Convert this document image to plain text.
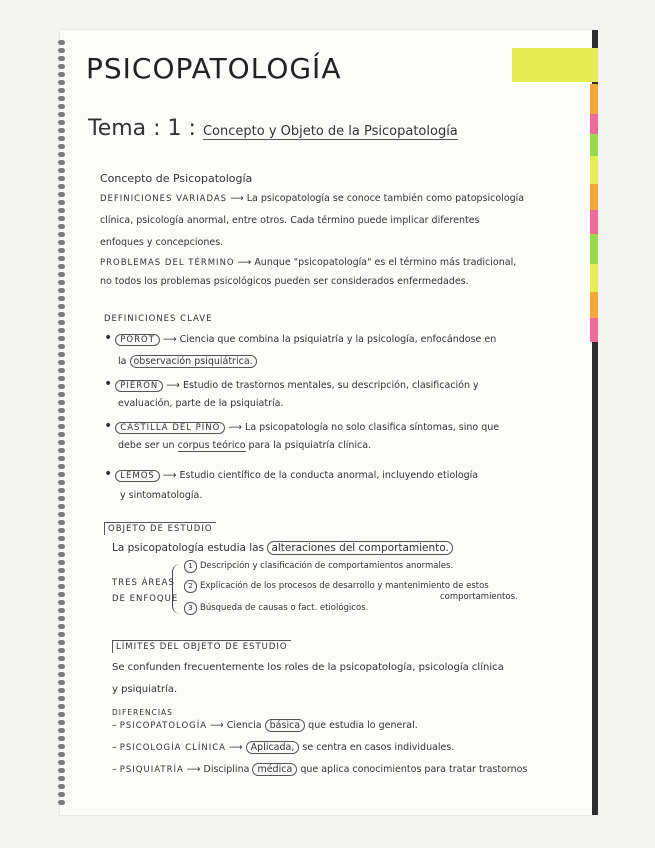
PSICOPATOLOGÍA
Tema : 1 : Concepto y Objeto de la Psicopatología
Concepto de Psicopatología
DEFINICIONES VARIADAS ⟶ La psicopatología se conoce también como patopsicología
clínica, psicología anormal, entre otros. Cada término puede implicar diferentes
enfoques y concepciones.
PROBLEMAS DEL TÉRMINO ⟶ Aunque "psicopatología" es el término más tradicional,
no todos los problemas psicológicos pueden ser considerados enfermedades.
DEFINICIONES CLAVE
• POROT ⟶ Ciencia que combina la psiquiatría y la psicología, enfocándose en
la observación psiquiátrica.
• PIERON ⟶ Estudio de trastornos mentales, su descripción, clasificación y
evaluación, parte de la psiquiatría.
• CASTILLA DEL PINO ⟶ La psicopatología no solo clasifica síntomas, sino que
debe ser un corpus teórico para la psiquiatría clínica.
• LEMOS ⟶ Estudio científico de la conducta anormal, incluyendo etiología
y sintomatología.
OBJETO DE ESTUDIO
La psicopatología estudia las alteraciones del comportamiento.
TRES ÁREAS
DE ENFOQUE
1 Descripción y clasificación de comportamientos anormales.
2 Explicación de los procesos de desarrollo y mantenimiento de estos
comportamientos.
3 Búsqueda de causas o fact. etiológicos.
LÍMITES DEL OBJETO DE ESTUDIO
Se confunden frecuentemente los roles de la psicopatología, psicología clínica
y psiquiatría.
DIFERENCIAS
– PSICOPATOLOGÍA ⟶ Ciencia básica que estudia lo general.
– PSICOLOGÍA CLÍNICA ⟶ Aplicada, se centra en casos individuales.
– PSIQUIATRÍA ⟶ Disciplina médica que aplica conocimientos para tratar trastornos
